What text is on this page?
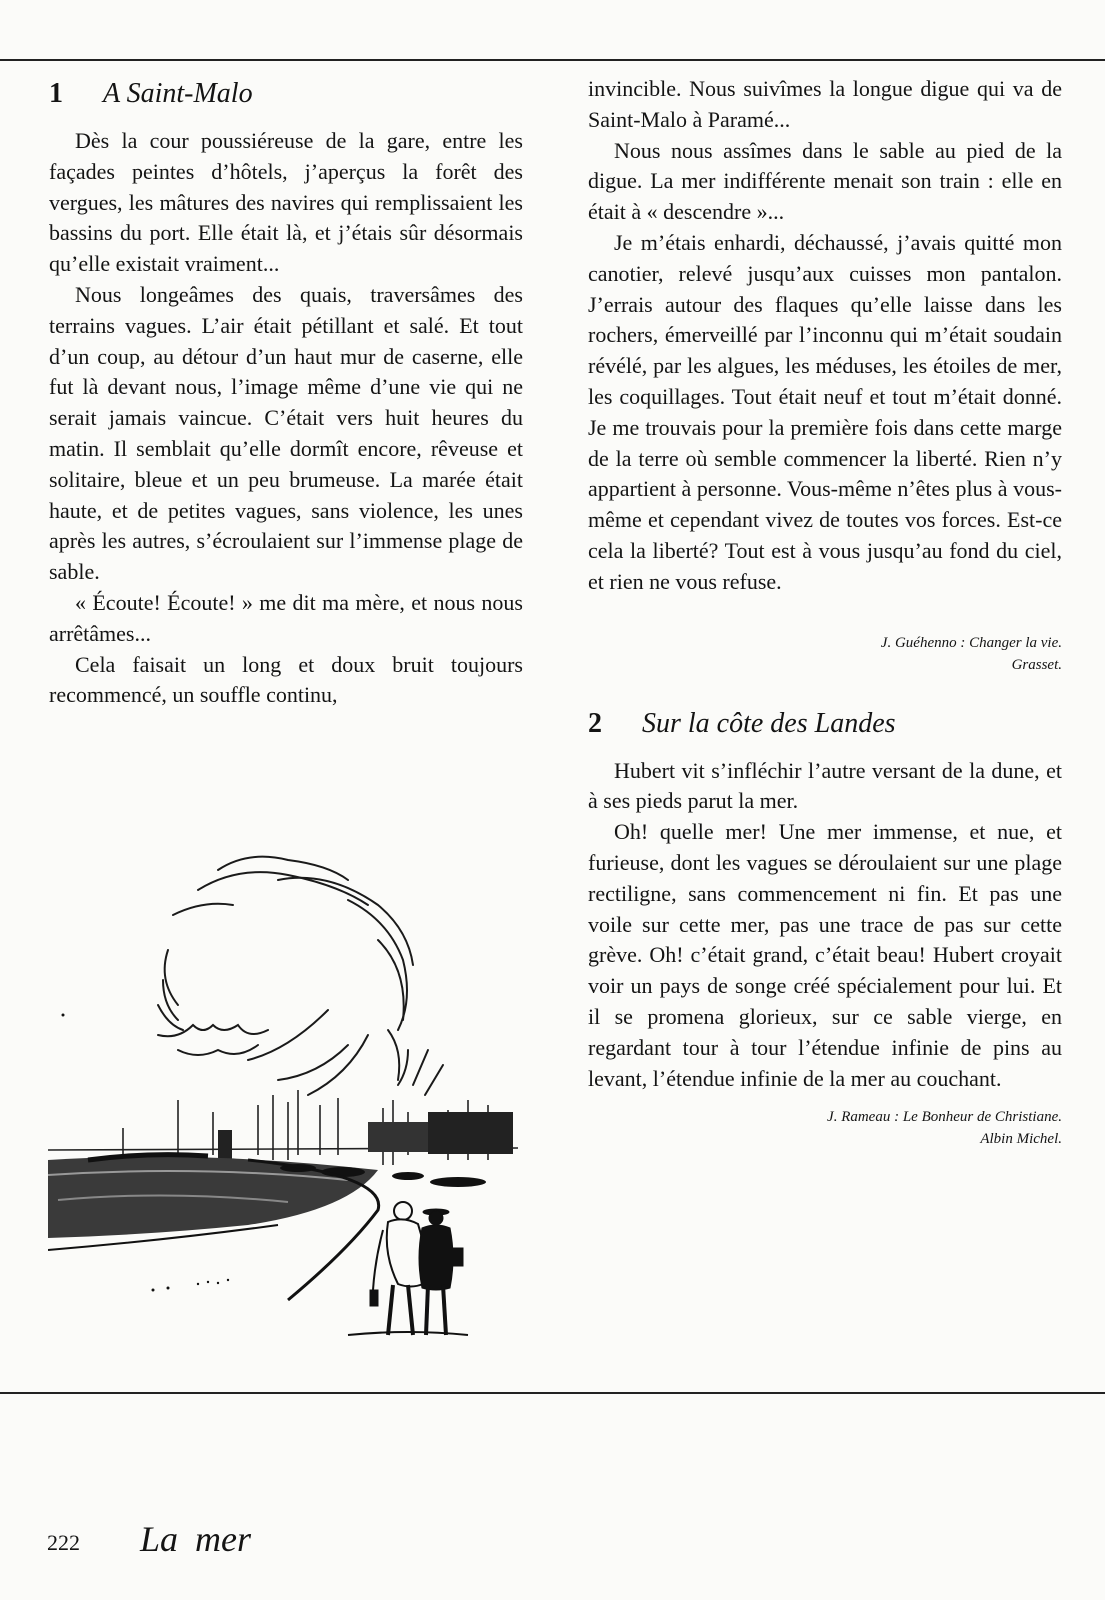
1 A Saint-Malo

Dès la cour poussiéreuse de la gare, entre les façades peintes d’hôtels, j’aperçus la forêt des vergues, les mâtures des navires qui remplissaient les bassins du port. Elle était là, et j’étais sûr désormais qu’elle existait vraiment...

Nous longeâmes des quais, traversâmes des terrains vagues. L’air était pétillant et salé. Et tout d’un coup, au détour d’un haut mur de caserne, elle fut là devant nous, l’image même d’une vie qui ne serait jamais vaincue. C’était vers huit heures du matin. Il semblait qu’elle dormît encore, rêveuse et solitaire, bleue et un peu brumeuse. La marée était haute, et de petites vagues, sans violence, les unes après les autres, s’écroulaient sur l’immense plage de sable.

« Écoute! Écoute! » me dit ma mère, et nous nous arrêtâmes...

Cela faisait un long et doux bruit toujours recommencé, un souffle continu,

invincible. Nous suivîmes la longue digue qui va de Saint-Malo à Paramé...

Nous nous assîmes dans le sable au pied de la digue. La mer indifférente menait son train : elle en était à « descendre »...

Je m’étais enhardi, déchaussé, j’avais quitté mon canotier, relevé jusqu’aux cuisses mon pantalon. J’errais autour des flaques qu’elle laisse dans les rochers, émerveillé par l’inconnu qui m’était soudain révélé, par les algues, les méduses, les étoiles de mer, les coquillages. Tout était neuf et tout m’était donné. Je me trouvais pour la première fois dans cette marge de la terre où semble commencer la liberté. Rien n’y appartient à personne. Vous-même n’êtes plus à vous-même et cependant vivez de toutes vos forces. Est-ce cela la liberté? Tout est à vous jusqu’au fond du ciel, et rien ne vous refuse.

J. Guéhenno : Changer la vie.
Grasset.
2 Sur la côte des Landes

Hubert vit s’infléchir l’autre versant de la dune, et à ses pieds parut la mer.

Oh! quelle mer! Une mer immense, et nue, et furieuse, dont les vagues se déroulaient sur une plage rectiligne, sans commencement ni fin. Et pas une voile sur cette mer, pas une trace de pas sur cette grève. Oh! c’était grand, c’était beau! Hubert croyait voir un pays de songe créé spécialement pour lui. Et il se promena glorieux, sur ce sable vierge, en regardant tour à tour l’étendue infinie de pins au levant, l’étendue infinie de la mer au couchant.

J. Rameau : Le Bonheur de Christiane.
Albin Michel.
222 La mer
